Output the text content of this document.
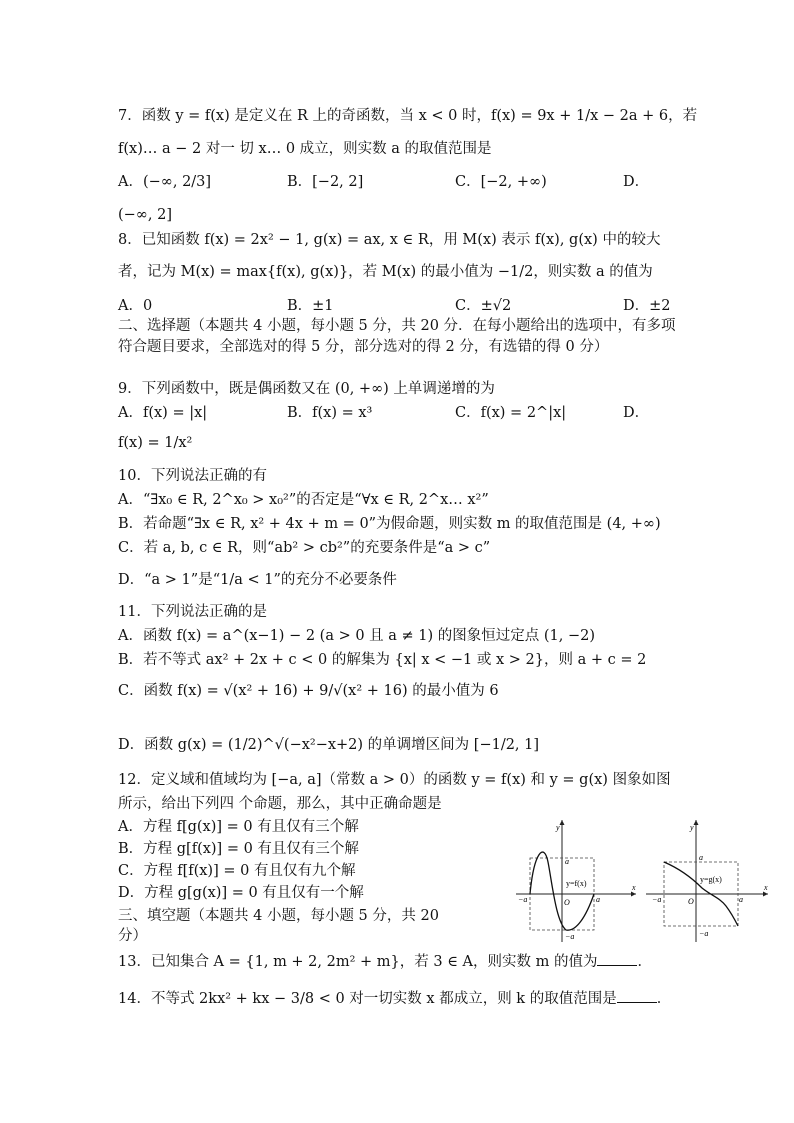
7．函数 y = f(x) 是定义在 R 上的奇函数，当 x < 0 时，f(x) = 9x + 1/x − 2a + 6，若
f(x)… a − 2 对一 切 x… 0 成立，则实数 a 的取值范围是
A．(−∞, 2/3]	B．[−2, 2]	C．[−2, +∞)	D．
(−∞, 2]
8．已知函数 f(x) = 2x² − 1, g(x) = ax, x ∈ R，用 M(x) 表示 f(x), g(x) 中的较大
者，记为 M(x) = max{f(x), g(x)}，若 M(x) 的最小值为 −1/2，则实数 a 的值为
A．0	B．±1	C．±√2	D．±2
二、选择题（本题共 4 小题，每小题 5 分，共 20 分．在每小题给出的选项中，有多项符合题目要求，全部选对的得 5 分，部分选对的得 2 分，有选错的得 0 分）
9．下列函数中，既是偶函数又在 (0, +∞) 上单调递增的为
A．f(x) = |x|	B．f(x) = x³	C．f(x) = 2^|x|	D．
f(x) = 1/x²
10．下列说法正确的有
A．“∃x₀ ∈ R, 2^x₀ > x₀²”的否定是“∀x ∈ R, 2^x… x²”
B．若命题“∃x ∈ R, x² + 4x + m = 0”为假命题，则实数 m 的取值范围是 (4, +∞)
C．若 a, b, c ∈ R，则“ab² > cb²”的充要条件是“a > c”
D．“a > 1”是“1/a < 1”的充分不必要条件
11．下列说法正确的是
A．函数 f(x) = a^(x−1) − 2 (a > 0 且 a ≠ 1) 的图象恒过定点 (1, −2)
B．若不等式 ax² + 2x + c < 0 的解集为 {x| x < −1 或 x > 2}，则 a + c = 2
C．函数 f(x) = √(x² + 16) + 9/√(x² + 16) 的最小值为 6
D．函数 g(x) = (1/2)^√(−x²−x+2) 的单调增区间为 [−1/2, 1]
12．定义域和值域均为 [−a, a]（常数 a > 0）的函数 y = f(x) 和 y = g(x) 图象如图
所示，给出下列四 个命题，那么，其中正确命题是
A．方程 f[g(x)] = 0 有且仅有三个解
B．方程 g[f(x)] = 0 有且仅有三个解
C．方程 f[f(x)] = 0 有且仅有九个解
D．方程 g[g(x)] = 0 有且仅有一个解
y
x
a
−a	a
−a
O
y=f(x)
y
x
a
−a	a
−a
O
y=g(x)
三、填空题（本题共 4 小题，每小题 5 分，共 20
分）
13．已知集合 A = {1, m + 2, 2m² + m}，若 3 ∈ A，则实数 m 的值为	．
14．不等式 2kx² + kx − 3/8 < 0 对一切实数 x 都成立，则 k 的取值范围是	．
